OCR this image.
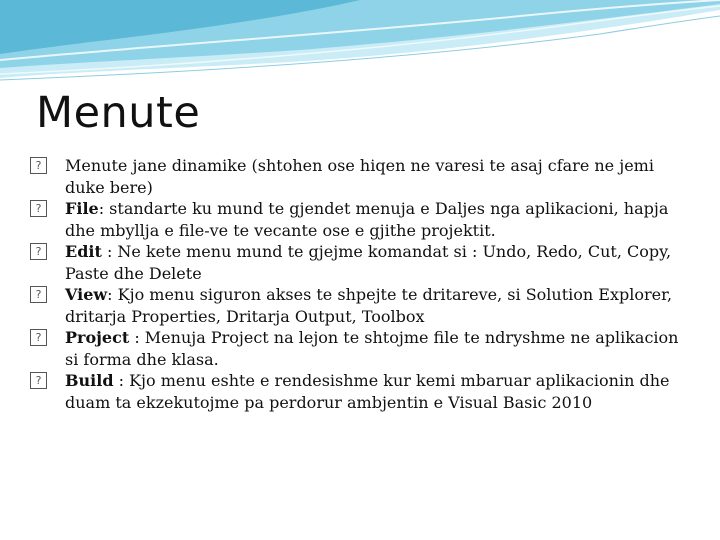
Menute
?	Menute jane dinamike (shtohen ose hiqen ne varesi te asaj cfare ne jemi duke bere)
?	File: standarte ku mund te gjendet menuja e Daljes nga aplikacioni, hapja dhe mbyllja e file-ve te vecante ose e gjithe projektit.
?	Edit : Ne kete menu mund te gjejme komandat si : Undo, Redo, Cut, Copy, Paste dhe Delete
?	View: Kjo menu siguron akses te shpejte te dritareve, si Solution Explorer, dritarja Properties, Dritarja Output, Toolbox
?	Project : Menuja Project na lejon te shtojme file te ndryshme ne aplikacion si forma dhe klasa.
?	Build : Kjo menu eshte e rendesishme kur kemi mbaruar aplikacionin dhe duam ta ekzekutojme pa perdorur ambjentin e Visual Basic 2010
